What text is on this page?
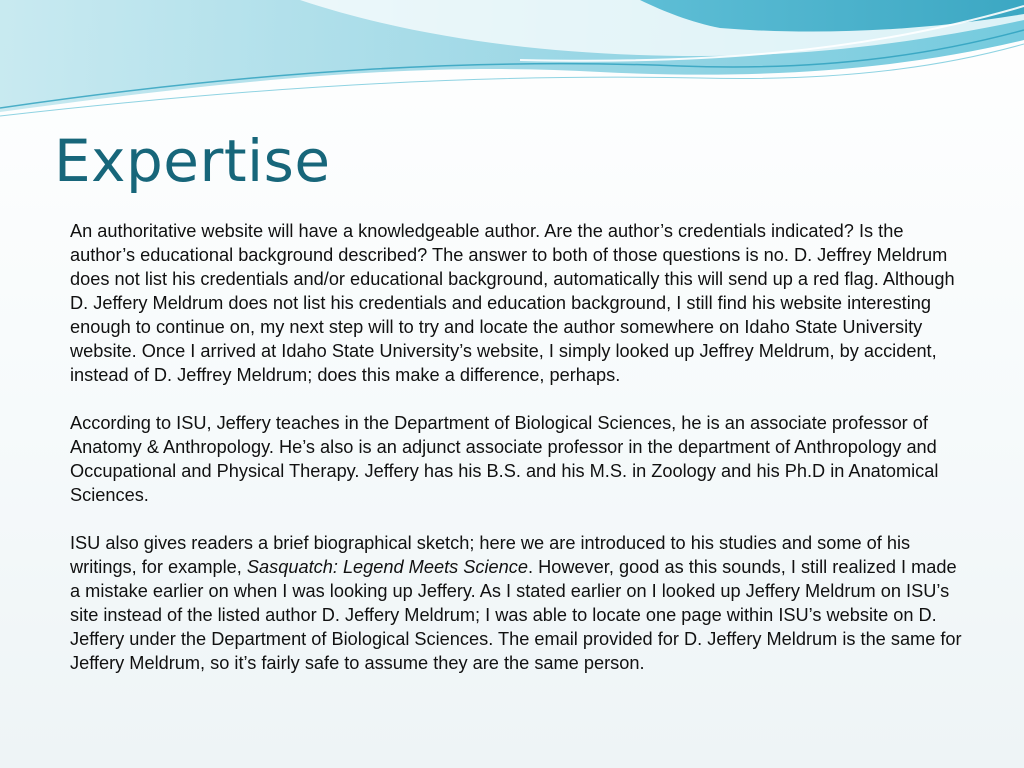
Expertise

An authoritative website will have a knowledgeable author. Are the author’s credentials indicated? Is the author’s educational background described? The answer to both of those questions is no. D. Jeffrey Meldrum does not list his credentials and/or educational background, automatically this will send up a red flag. Although D. Jeffery Meldrum does not list his credentials and education background, I still find his website interesting enough to continue on, my next step will to try and locate the author somewhere on Idaho State University website. Once I arrived at Idaho State University’s website, I simply looked up Jeffrey Meldrum, by accident, instead of D. Jeffrey Meldrum; does this make a difference, perhaps.

According to ISU, Jeffery teaches in the Department of Biological Sciences, he is an associate professor of Anatomy & Anthropology. He’s also is an adjunct associate professor in the department of Anthropology and Occupational and Physical Therapy. Jeffery has his B.S. and his M.S. in Zoology and his Ph.D in Anatomical Sciences.

ISU also gives readers a brief biographical sketch; here we are introduced to his studies and some of his writings, for example, Sasquatch: Legend Meets Science. However, good as this sounds, I still realized I made a mistake earlier on when I was looking up Jeffery. As I stated earlier on I looked up Jeffery Meldrum on ISU’s site instead of the listed author D. Jeffery Meldrum; I was able to locate one page within ISU’s website on D. Jeffery under the Department of Biological Sciences. The email provided for D. Jeffery Meldrum is the same for Jeffery Meldrum, so it’s fairly safe to assume they are the same person.
